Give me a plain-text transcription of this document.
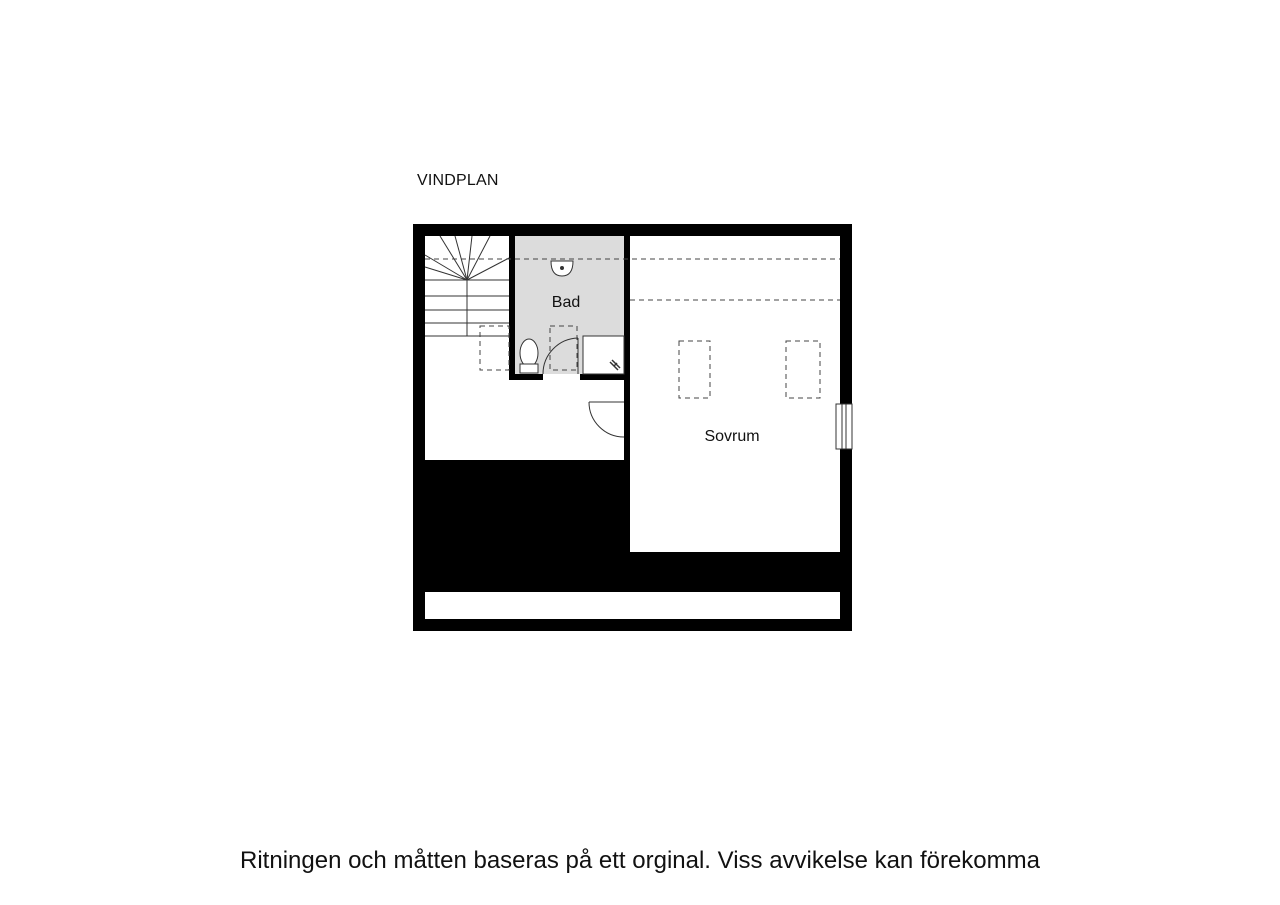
VINDPLAN
Bad
Sovrum
Ritningen och måtten baseras på ett orginal. Viss avvikelse kan förekomma
